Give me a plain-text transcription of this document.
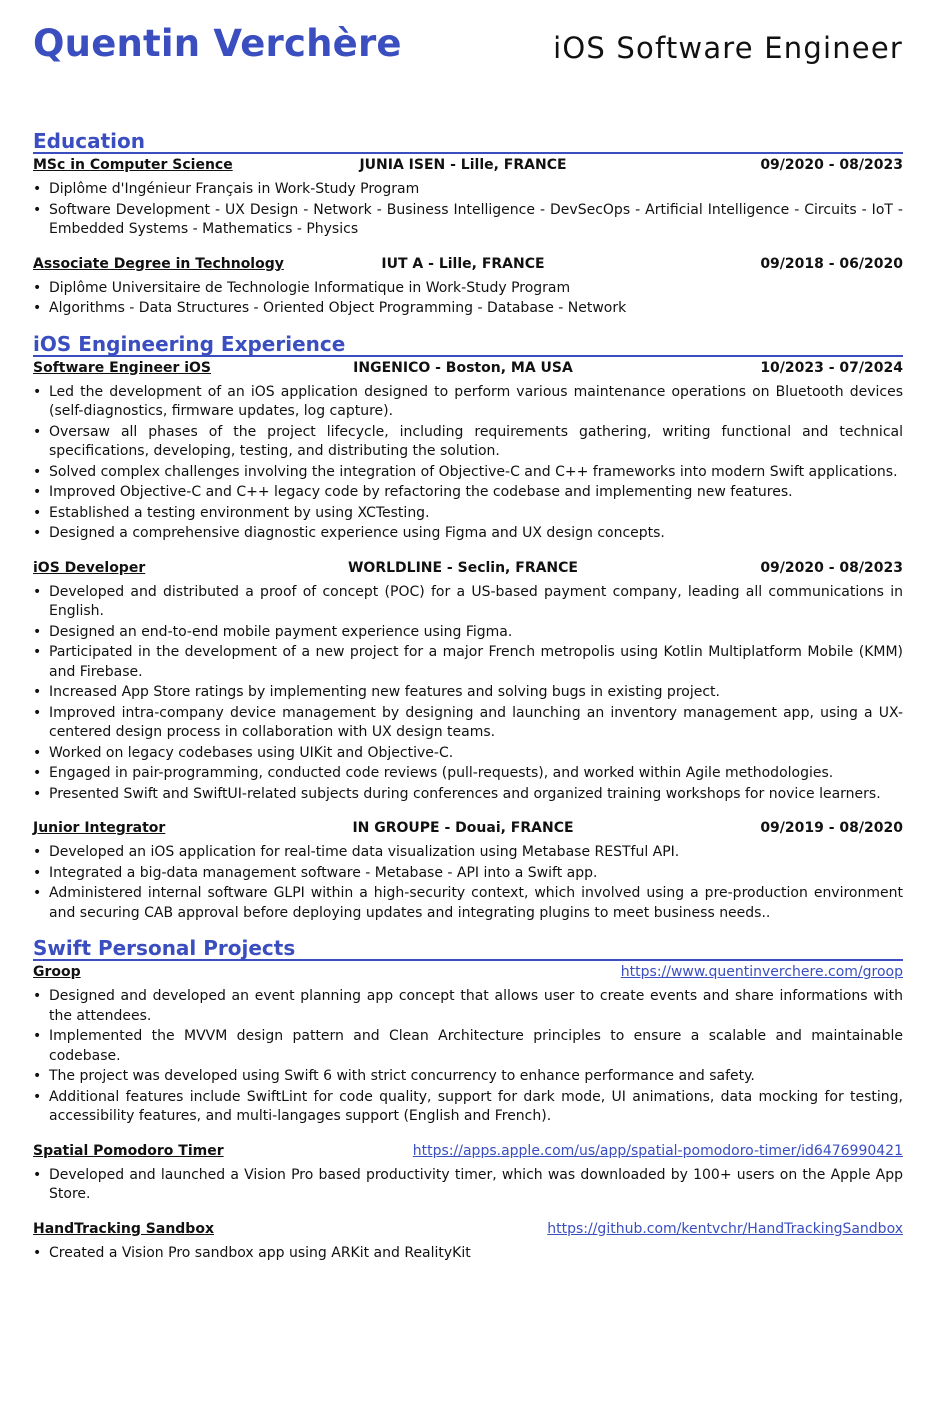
Quentin Verchère	iOS Software Engineer
Education
MSc in Computer Science	JUNIA ISEN - Lille, FRANCE	09/2020 - 08/2023
• Diplôme d'Ingénieur Français in Work-Study Program
• Software Development - UX Design - Network - Business Intelligence - DevSecOps - Artificial Intelligence - Circuits - IoT - Embedded Systems - Mathematics - Physics
Associate Degree in Technology	IUT A - Lille, FRANCE	09/2018 - 06/2020
• Diplôme Universitaire de Technologie Informatique in Work-Study Program
• Algorithms - Data Structures - Oriented Object Programming - Database - Network
iOS Engineering Experience
Software Engineer iOS	INGENICO - Boston, MA USA	10/2023 - 07/2024
• Led the development of an iOS application designed to perform various maintenance operations on Bluetooth devices (self-diagnostics, firmware updates, log capture).
• Oversaw all phases of the project lifecycle, including requirements gathering, writing functional and technical specifications, developing, testing, and distributing the solution.
• Solved complex challenges involving the integration of Objective-C and C++ frameworks into modern Swift applications.
• Improved Objective-C and C++ legacy code by refactoring the codebase and implementing new features.
• Established a testing environment by using XCTesting.
• Designed a comprehensive diagnostic experience using Figma and UX design concepts.
iOS Developer	WORLDLINE - Seclin, FRANCE	09/2020 - 08/2023
• Developed and distributed a proof of concept (POC) for a US-based payment company, leading all communications in English.
• Designed an end-to-end mobile payment experience using Figma.
• Participated in the development of a new project for a major French metropolis using Kotlin Multiplatform Mobile (KMM) and Firebase.
• Increased App Store ratings by implementing new features and solving bugs in existing project.
• Improved intra-company device management by designing and launching an inventory management app, using a UX-centered design process in collaboration with UX design teams.
• Worked on legacy codebases using UIKit and Objective-C.
• Engaged in pair-programming, conducted code reviews (pull-requests), and worked within Agile methodologies.
• Presented Swift and SwiftUI-related subjects during conferences and organized training workshops for novice learners.
Junior Integrator	IN GROUPE - Douai, FRANCE	09/2019 - 08/2020
• Developed an iOS application for real-time data visualization using Metabase RESTful API.
• Integrated a big-data management software - Metabase - API into a Swift app.
• Administered internal software GLPI within a high-security context, which involved using a pre-production environment and securing CAB approval before deploying updates and integrating plugins to meet business needs..
Swift Personal Projects
Groop	https://www.quentinverchere.com/groop
• Designed and developed an event planning app concept that allows user to create events and share informations with the attendees.
• Implemented the MVVM design pattern and Clean Architecture principles to ensure a scalable and maintainable codebase.
• The project was developed using Swift 6 with strict concurrency to enhance performance and safety.
• Additional features include SwiftLint for code quality, support for dark mode, UI animations, data mocking for testing, accessibility features, and multi-langages support (English and French).
Spatial Pomodoro Timer	https://apps.apple.com/us/app/spatial-pomodoro-timer/id6476990421
• Developed and launched a Vision Pro based productivity timer, which was downloaded by 100+ users on the Apple App Store.
HandTracking Sandbox	https://github.com/kentvchr/HandTrackingSandbox
• Created a Vision Pro sandbox app using ARKit and RealityKit
